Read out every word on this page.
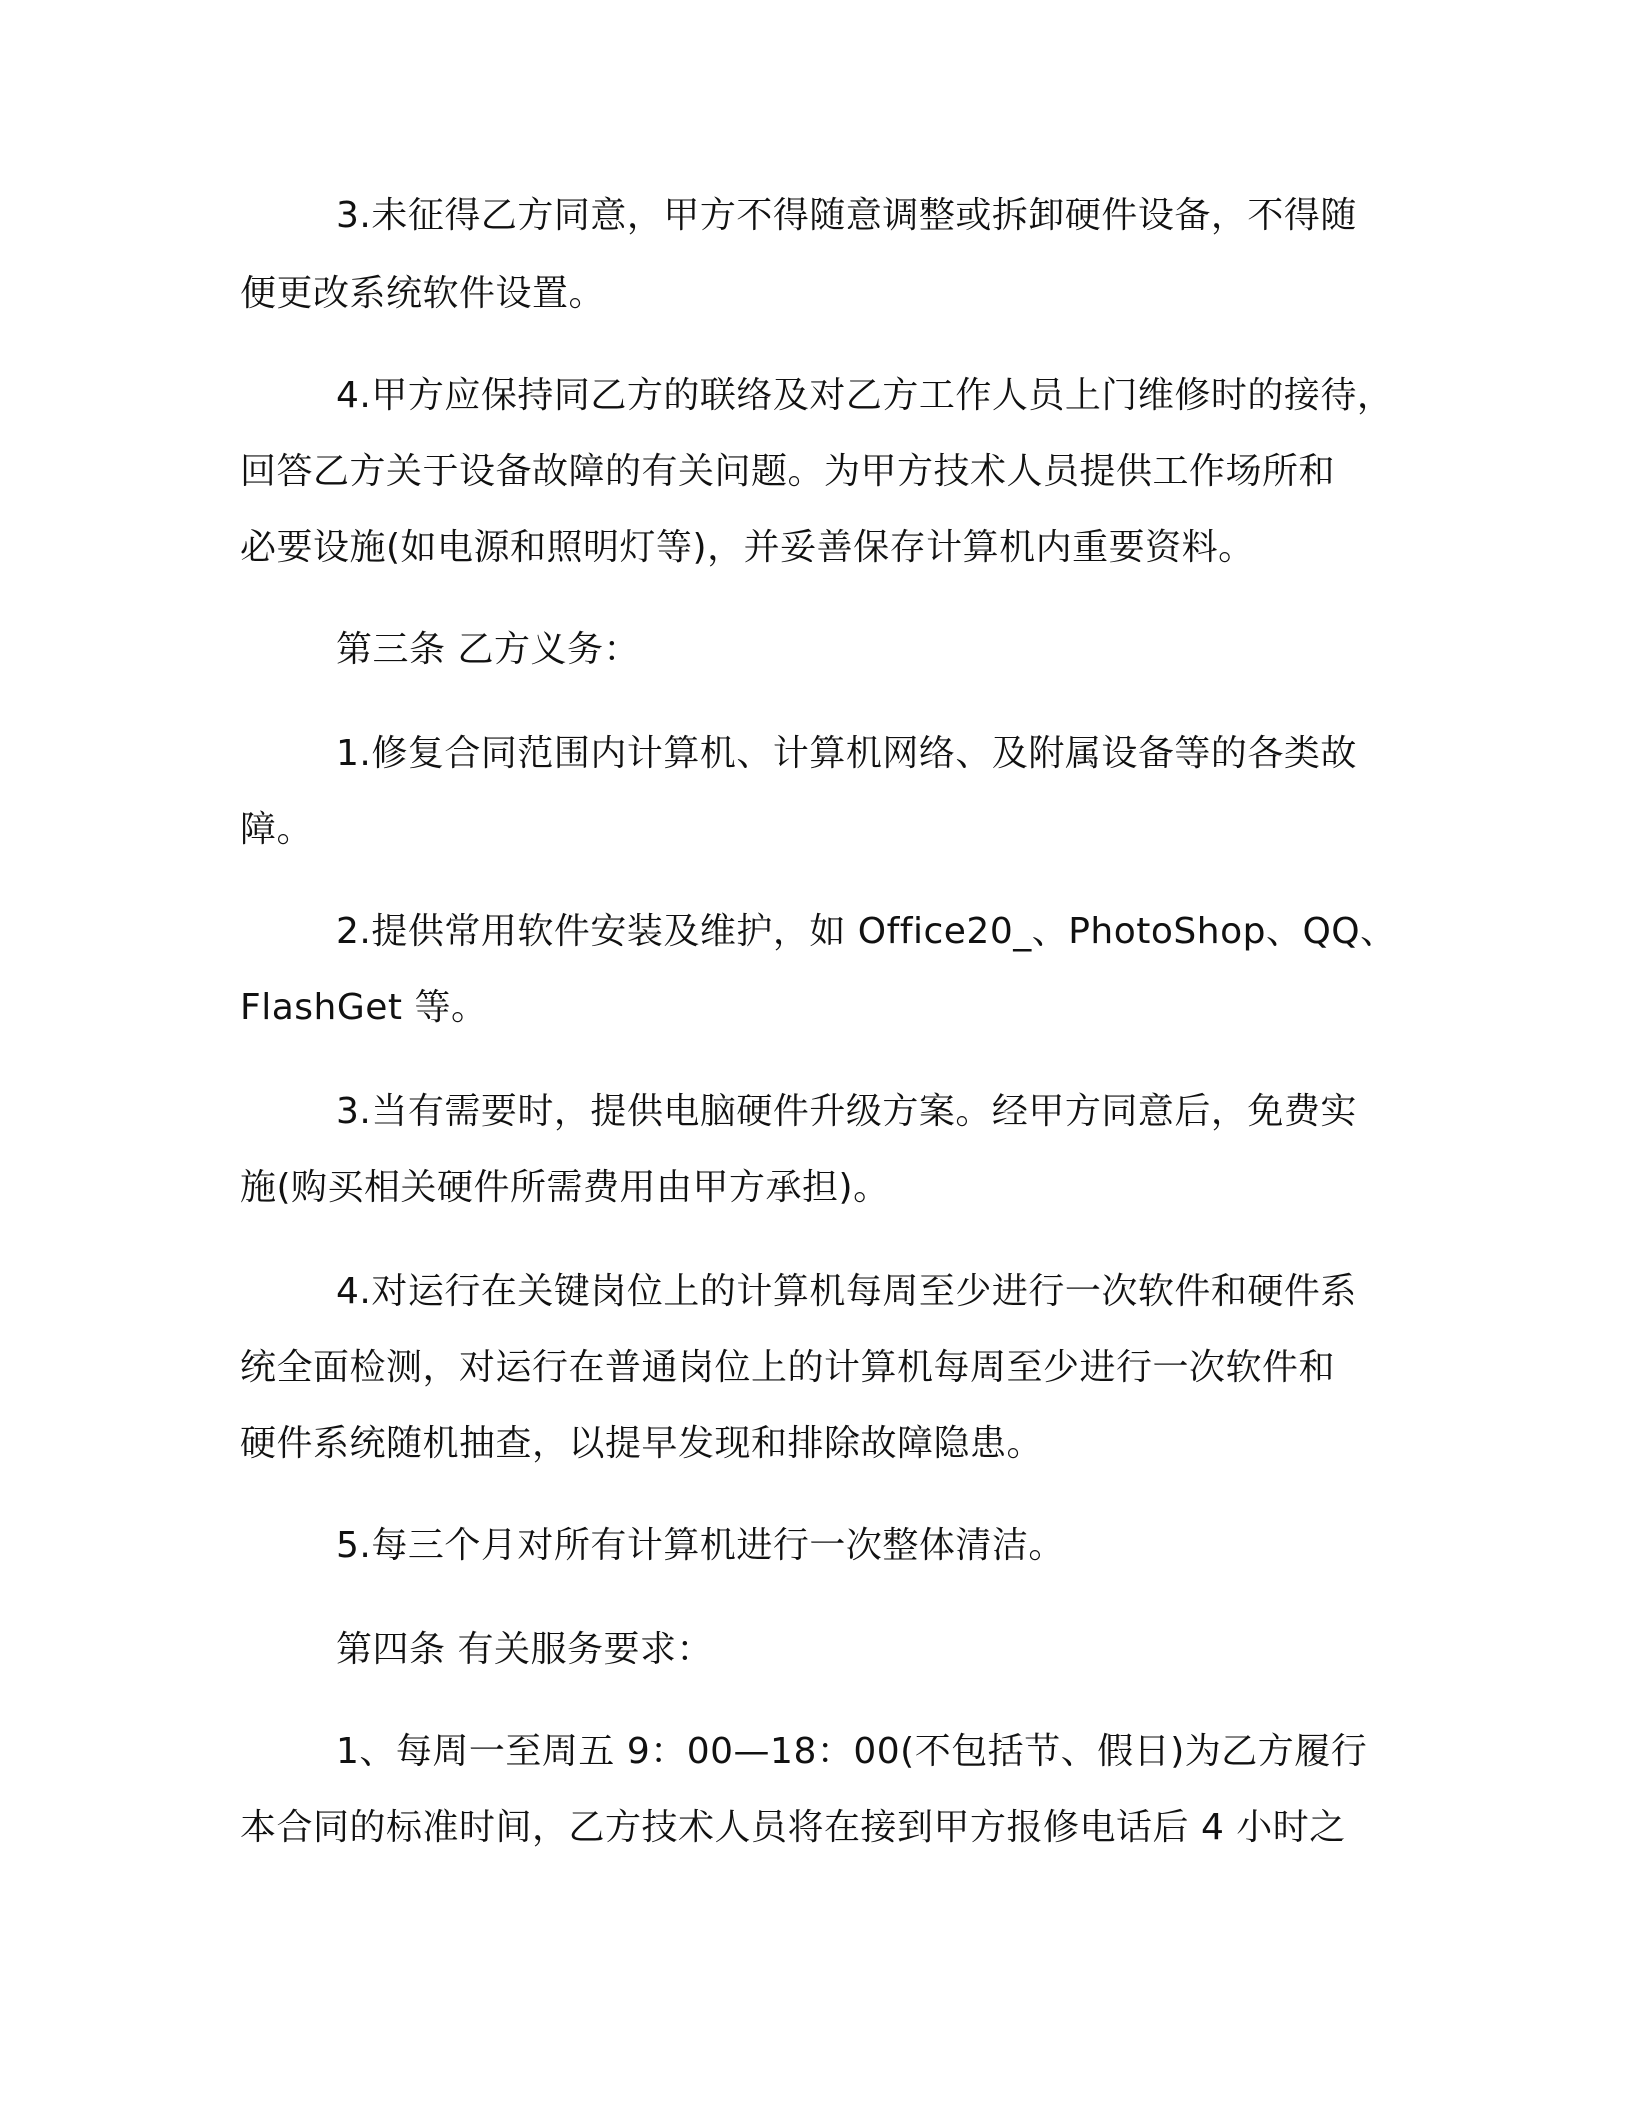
3.未征得乙方同意，甲方不得随意调整或拆卸硬件设备，不得随
便更改系统软件设置。
4.甲方应保持同乙方的联络及对乙方工作人员上门维修时的接待，
回答乙方关于设备故障的有关问题。为甲方技术人员提供工作场所和
必要设施(如电源和照明灯等)，并妥善保存计算机内重要资料。
第三条 乙方义务：
1.修复合同范围内计算机、计算机网络、及附属设备等的各类故
障。
2.提供常用软件安装及维护，如 Office20_、PhotoShop、QQ、
FlashGet 等。
3.当有需要时，提供电脑硬件升级方案。经甲方同意后，免费实
施(购买相关硬件所需费用由甲方承担)。
4.对运行在关键岗位上的计算机每周至少进行一次软件和硬件系
统全面检测，对运行在普通岗位上的计算机每周至少进行一次软件和
硬件系统随机抽查，以提早发现和排除故障隐患。
5.每三个月对所有计算机进行一次整体清洁。
第四条 有关服务要求：
1、每周一至周五 9：00—18：00(不包括节、假日)为乙方履行
本合同的标准时间，乙方技术人员将在接到甲方报修电话后 4 小时之
